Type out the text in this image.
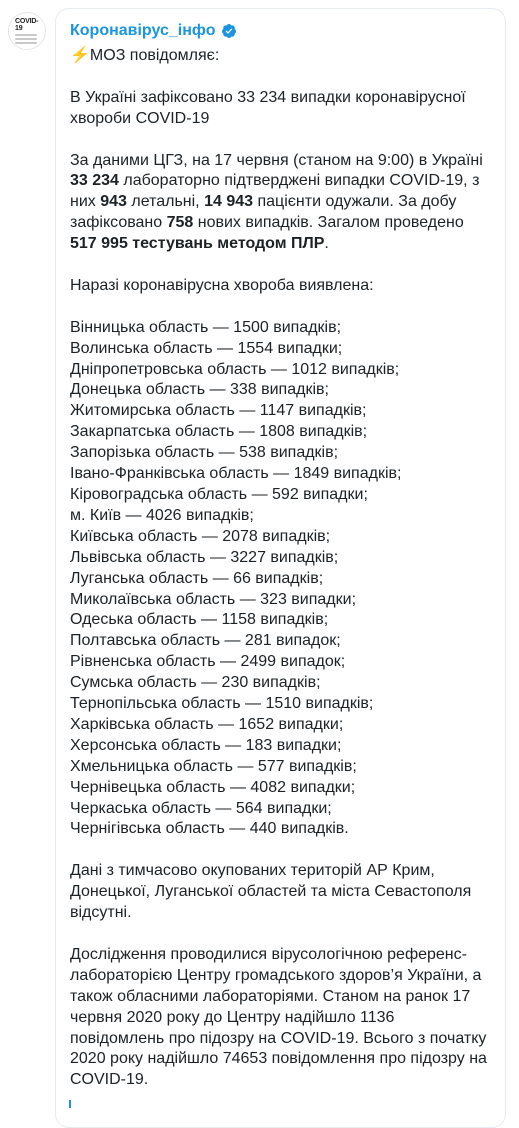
COVID-19	Коронавірус_інфо

⚡️МОЗ повідомляє:

В Україні зафіксовано 33 234 випадки коронавірусної хвороби COVID-19

За даними ЦГЗ, на 17 червня (станом на 9:00) в Україні 33 234 лабораторно підтверджені випадки COVID-19, з них 943 летальні, 14 943 пацієнти одужали. За добу зафіксовано 758 нових випадків. Загалом проведено 517 995 тестувань методом ПЛР.

Наразі коронавірусна хвороба виявлена:

Вінницька область — 1500 випадків;

Волинська область — 1554 випадки;

Дніпропетровська область — 1012 випадків;

Донецька область — 338 випадків;

Житомирська область — 1147 випадків;

Закарпатська область — 1808 випадків;

Запорізька область — 538 випадків;

Івано-Франківська область — 1849 випадків;

Кіровоградська область — 592 випадки;

м. Київ — 4026 випадків;

Київська область — 2078 випадків;

Львівська область — 3227 випадків;

Луганська область — 66 випадків;

Миколаївська область — 323 випадки;

Одеська область — 1158 випадків;

Полтавська область — 281 випадок;

Рівненська область — 2499 випадок;

Сумська область — 230 випадків;

Тернопільська область — 1510 випадків;

Харківська область — 1652 випадки;

Херсонська область — 183 випадки;

Хмельницька область — 577 випадків;

Чернівецька область — 4082 випадки;

Черкаська область — 564 випадки;

Чернігівська область — 440 випадків.

Дані з тимчасово окупованих територій АР Крим, Донецької, Луганської областей та міста Севастополя відсутні.

Дослідження проводилися вірусологічною референс-лабораторією Центру громадського здоров’я України, а також обласними лабораторіями. Станом на ранок 17 червня 2020 року до Центру надійшло 1136 повідомлень про підозру на COVID-19. Всього з початку 2020 року надійшло 74653 повідомлення про підозру на COVID-19.
